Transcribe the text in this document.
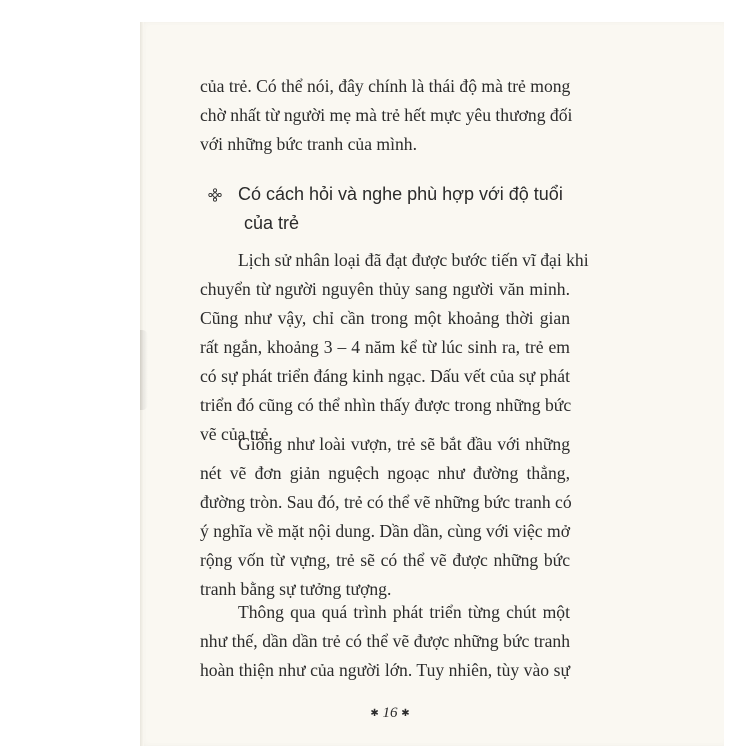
của trẻ. Có thể nói, đây chính là thái độ mà trẻ mong
chờ nhất từ người mẹ mà trẻ hết mực yêu thương đối
với những bức tranh của mình.

Có cách hỏi và nghe phù hợp với độ tuổi
của trẻ

Lịch sử nhân loại đã đạt được bước tiến vĩ đại khi
chuyển từ người nguyên thủy sang người văn minh.
Cũng như vậy, chỉ cần trong một khoảng thời gian
rất ngắn, khoảng 3 – 4 năm kể từ lúc sinh ra, trẻ em
có sự phát triển đáng kinh ngạc. Dấu vết của sự phát
triển đó cũng có thể nhìn thấy được trong những bức
vẽ của trẻ.

Giống như loài vượn, trẻ sẽ bắt đầu với những
nét vẽ đơn giản nguệch ngoạc như đường thẳng,
đường tròn. Sau đó, trẻ có thể vẽ những bức tranh có
ý nghĩa về mặt nội dung. Dần dần, cùng với việc mở
rộng vốn từ vựng, trẻ sẽ có thể vẽ được những bức
tranh bằng sự tưởng tượng.

Thông qua quá trình phát triển từng chút một
như thế, dần dần trẻ có thể vẽ được những bức tranh
hoàn thiện như của người lớn. Tuy nhiên, tùy vào sự

✱ 16 ✱
